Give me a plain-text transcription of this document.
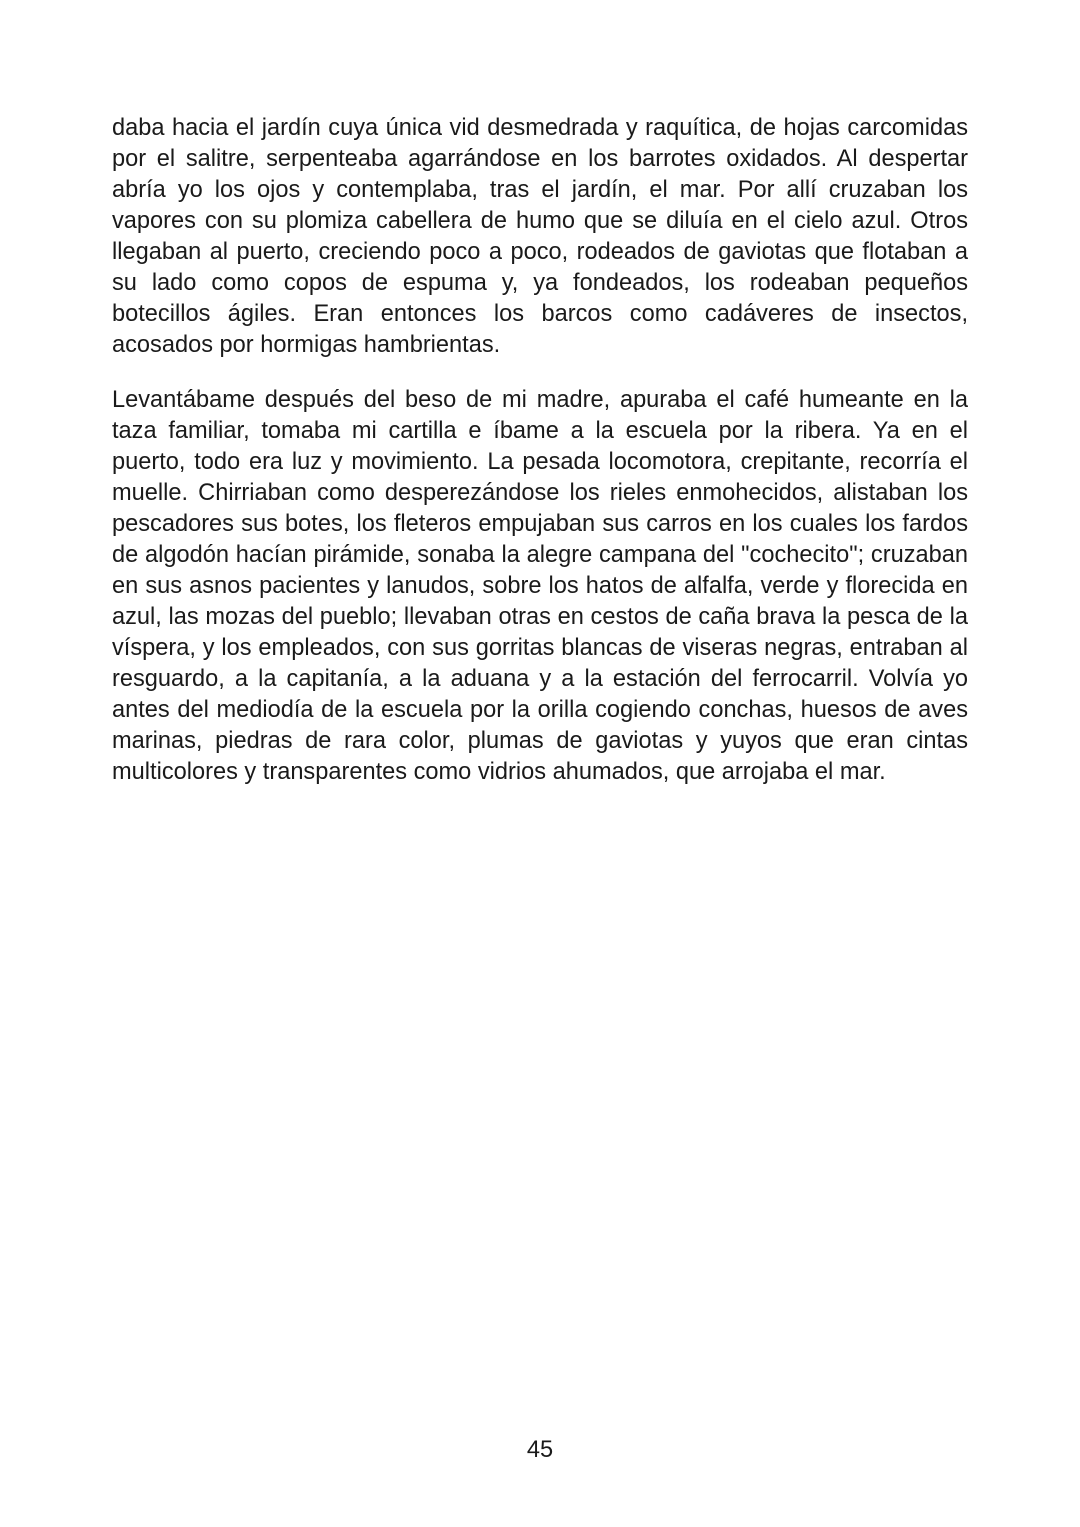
daba hacia el jardín cuya única vid desmedrada y raquítica, de hojas carcomidas por el salitre, serpenteaba agarrándose en los barrotes oxidados. Al despertar abría yo los ojos y contemplaba, tras el jardín, el mar. Por allí cruzaban los vapores con su plomiza cabellera de humo que se diluía en el cielo azul. Otros llegaban al puerto, creciendo poco a poco, rodeados de gaviotas que flotaban a su lado como copos de espuma y, ya fondeados, los rodeaban pequeños botecillos ágiles. Eran entonces los barcos como cadáveres de insectos, acosados por hormigas hambrientas.

Levantábame después del beso de mi madre, apuraba el café humeante en la taza familiar, tomaba mi cartilla e íbame a la escuela por la ribera. Ya en el puerto, todo era luz y movimiento. La pesada locomotora, crepitante, recorría el muelle. Chirriaban como desperezándose los rieles enmohecidos, alistaban los pescadores sus botes, los fleteros empujaban sus carros en los cuales los fardos de algodón hacían pirámide, sonaba la alegre campana del "cochecito"; cruzaban en sus asnos pacientes y lanudos, sobre los hatos de alfalfa, verde y florecida en azul, las mozas del pueblo; llevaban otras en cestos de caña brava la pesca de la víspera, y los empleados, con sus gorritas blancas de viseras negras, entraban al resguardo, a la capitanía, a la aduana y a la estación del ferrocarril. Volvía yo antes del mediodía de la escuela por la orilla cogiendo conchas, huesos de aves marinas, piedras de rara color, plumas de gaviotas y yuyos que eran cintas multicolores y transparentes como vidrios ahumados, que arrojaba el mar.

45
